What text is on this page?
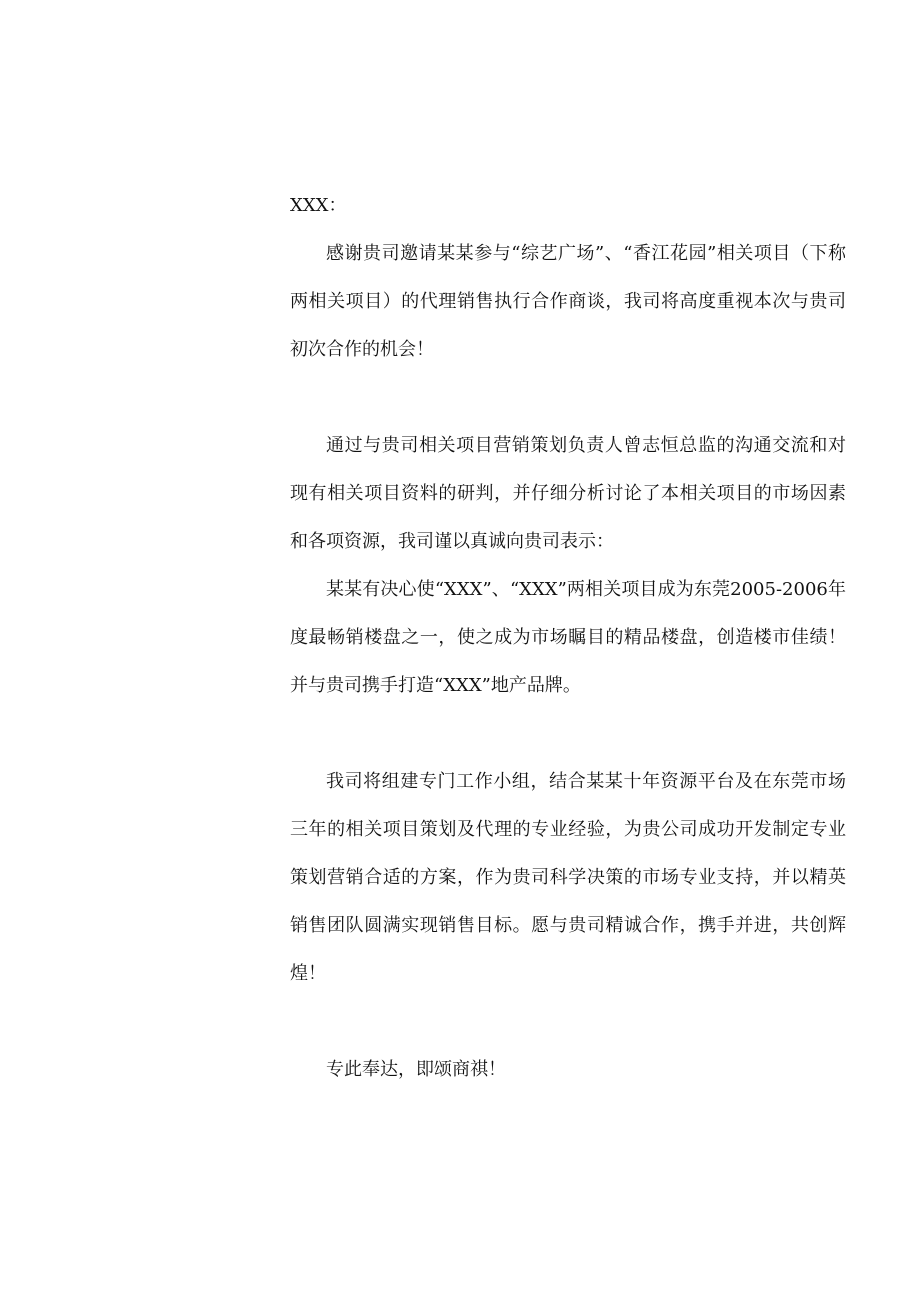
XXX：

感谢贵司邀请某某参与“综艺广场”、“香江花园”相关项目（下称两相关项目）的代理销售执行合作商谈，我司将高度重视本次与贵司初次合作的机会！

通过与贵司相关项目营销策划负责人曾志恒总监的沟通交流和对现有相关项目资料的研判，并仔细分析讨论了本相关项目的市场因素和各项资源，我司谨以真诚向贵司表示：

某某有决心使“XXX”、“XXX”两相关项目成为东莞2005-2006年度最畅销楼盘之一，使之成为市场瞩目的精品楼盘，创造楼市佳绩！并与贵司携手打造“XXX”地产品牌。

我司将组建专门工作小组，结合某某十年资源平台及在东莞市场三年的相关项目策划及代理的专业经验，为贵公司成功开发制定专业策划营销合适的方案，作为贵司科学决策的市场专业支持，并以精英销售团队圆满实现销售目标。愿与贵司精诚合作，携手并进，共创辉煌！

专此奉达，即颂商祺！
